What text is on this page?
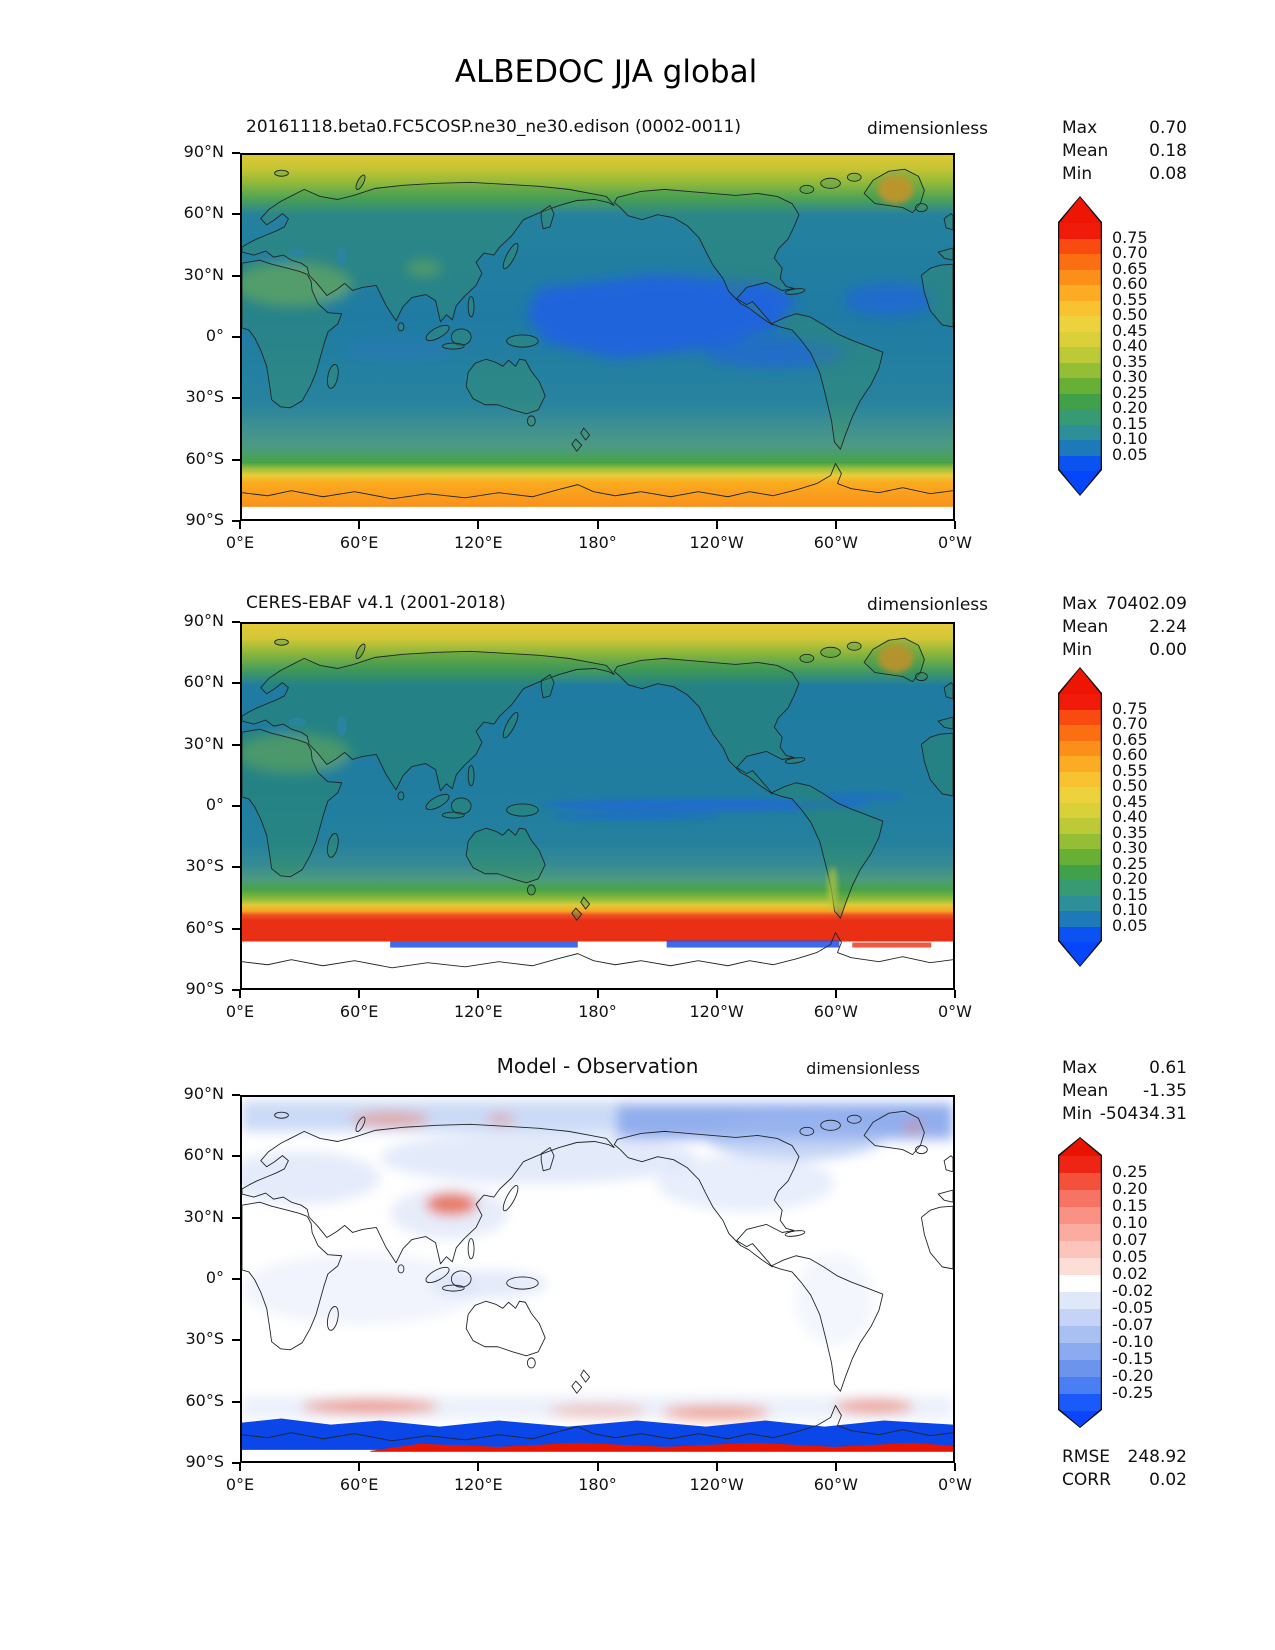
ALBEDOC JJA global
20161118.beta0.FC5COSP.ne30_ne30.edison (0002-0011)	dimensionless	Max	0.70
Mean 0.18
Min	0.08
90°N
60°N
30°N
0°
30°S
60°S
90°S
0°E	60°E	120°E	180°	120°W	60°W	0°W
0.75
0.70
0.65
0.60
0.55
0.50
0.45
0.40
0.35
0.30
0.25
0.20
0.15
0.10
0.05
CERES-EBAF v4.1 (2001-2018)	dimensionless	Max 70402.09
Mean 2.24
Min	0.00
90°N
60°N
30°N
0°
30°S
60°S
90°S
0°E	60°E	120°E	180°	120°W	60°W	0°W
0.75
0.70
0.65
0.60
0.55
0.50
0.45
0.40
0.35
0.30
0.25
0.20
0.15
0.10
0.05
Model - Observation	dimensionless	Max	0.61
Mean -1.35
Min -50434.31
90°N
60°N
30°N
0°
30°S
60°S
90°S
0°E	60°E	120°E	180°	120°W	60°W	0°W
0.25
0.20
0.15
0.10
0.07
0.05
0.02
-0.02
-0.05
-0.07
-0.10
-0.15
-0.20
-0.25
RMSE 248.92
CORR 0.02
